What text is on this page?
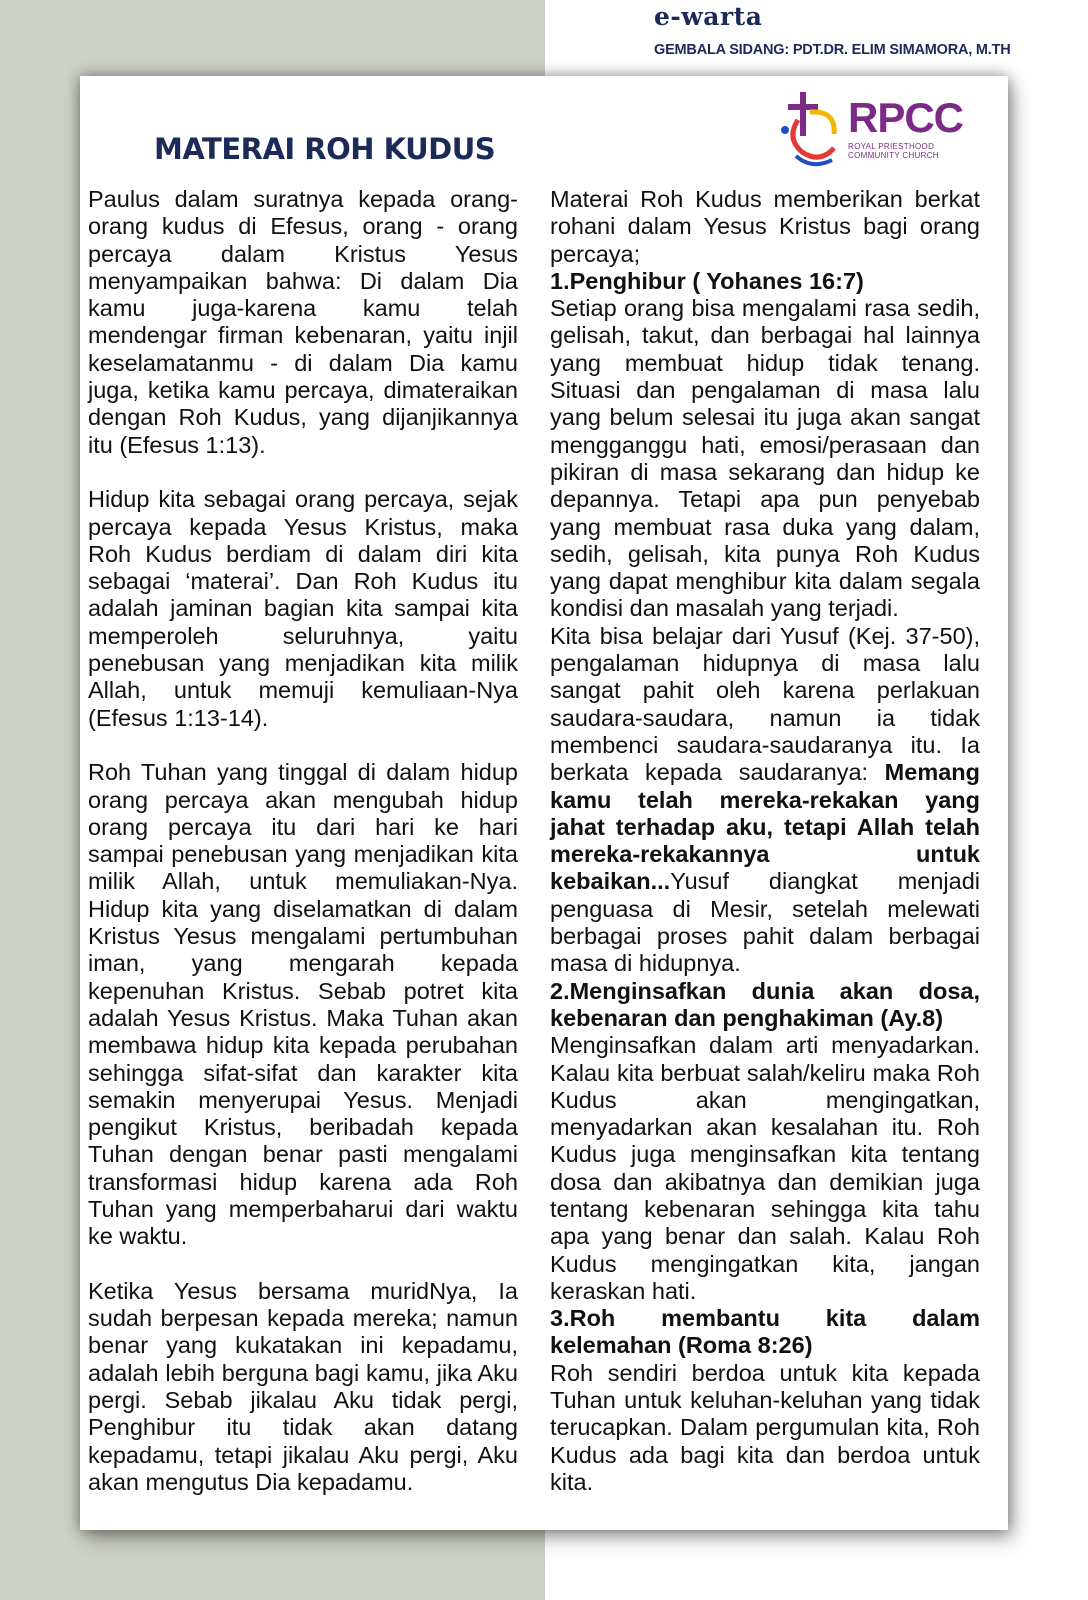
e-warta
GEMBALA SIDANG: PDT.DR. ELIM SIMAMORA, M.TH
RPCC
ROYAL PRIESTHOOD
COMMUNITY CHURCH
MATERAI ROH KUDUS

Paulus dalam suratnya kepada orang-orang kudus di Efesus, orang - orang percaya dalam Kristus Yesus menyampaikan bahwa: Di dalam Dia kamu juga-karena kamu telah mendengar firman kebenaran, yaitu injil keselamatanmu - di dalam Dia kamu juga, ketika kamu percaya, dimateraikan dengan Roh Kudus, yang dijanjikannya itu (Efesus 1:13).

Hidup kita sebagai orang percaya, sejak percaya kepada Yesus Kristus, maka Roh Kudus berdiam di dalam diri kita sebagai ‘materai’. Dan Roh Kudus itu adalah jaminan bagian kita sampai kita memperoleh seluruhnya, yaitu penebusan yang menjadikan kita milik Allah, untuk memuji kemuliaan-Nya (Efesus 1:13-14).

Roh Tuhan yang tinggal di dalam hidup orang percaya akan mengubah hidup orang percaya itu dari hari ke hari sampai penebusan yang menjadikan kita milik Allah, untuk memuliakan-Nya. Hidup kita yang diselamatkan di dalam Kristus Yesus mengalami pertumbuhan iman, yang mengarah kepada kepenuhan Kristus. Sebab potret kita adalah Yesus Kristus. Maka Tuhan akan membawa hidup kita kepada perubahan sehingga sifat-sifat dan karakter kita semakin menyerupai Yesus. Menjadi pengikut Kristus, beribadah kepada Tuhan dengan benar pasti mengalami transformasi hidup karena ada Roh Tuhan yang memperbaharui dari waktu ke waktu.

Ketika Yesus bersama muridNya, Ia sudah berpesan kepada mereka; namun benar yang kukatakan ini kepadamu, adalah lebih berguna bagi kamu, jika Aku pergi. Sebab jikalau Aku tidak pergi, Penghibur itu tidak akan datang kepadamu, tetapi jikalau Aku pergi, Aku akan mengutus Dia kepadamu.

Materai Roh Kudus memberikan berkat rohani dalam Yesus Kristus bagi orang percaya;

1.Penghibur ( Yohanes 16:7)

Setiap orang bisa mengalami rasa sedih, gelisah, takut, dan berbagai hal lainnya yang membuat hidup tidak tenang. Situasi dan pengalaman di masa lalu yang belum selesai itu juga akan sangat mengganggu hati, emosi/perasaan dan pikiran di masa sekarang dan hidup ke depannya. Tetapi apa pun penyebab yang membuat rasa duka yang dalam, sedih, gelisah, kita punya Roh Kudus yang dapat menghibur kita dalam segala kondisi dan masalah yang terjadi.

Kita bisa belajar dari Yusuf (Kej. 37-50), pengalaman hidupnya di masa lalu sangat pahit oleh karena perlakuan saudara-saudara, namun ia tidak membenci saudara-saudaranya itu. Ia berkata kepada saudaranya: Memang kamu telah mereka-rekakan yang jahat terhadap aku, tetapi Allah telah mereka-rekakannya untuk kebaikan...Yusuf diangkat menjadi penguasa di Mesir, setelah melewati berbagai proses pahit dalam berbagai masa di hidupnya.

2.Menginsafkan dunia akan dosa, kebenaran dan penghakiman (Ay.8)

Menginsafkan dalam arti menyadarkan. Kalau kita berbuat salah/keliru maka Roh Kudus akan mengingatkan, menyadarkan akan kesalahan itu. Roh Kudus juga menginsafkan kita tentang dosa dan akibatnya dan demikian juga tentang kebenaran sehingga kita tahu apa yang benar dan salah. Kalau Roh Kudus mengingatkan kita, jangan keraskan hati.

3.Roh membantu kita dalam kelemahan (Roma 8:26)

Roh sendiri berdoa untuk kita kepada Tuhan untuk keluhan-keluhan yang tidak terucapkan. Dalam pergumulan kita, Roh Kudus ada bagi kita dan berdoa untuk kita.
